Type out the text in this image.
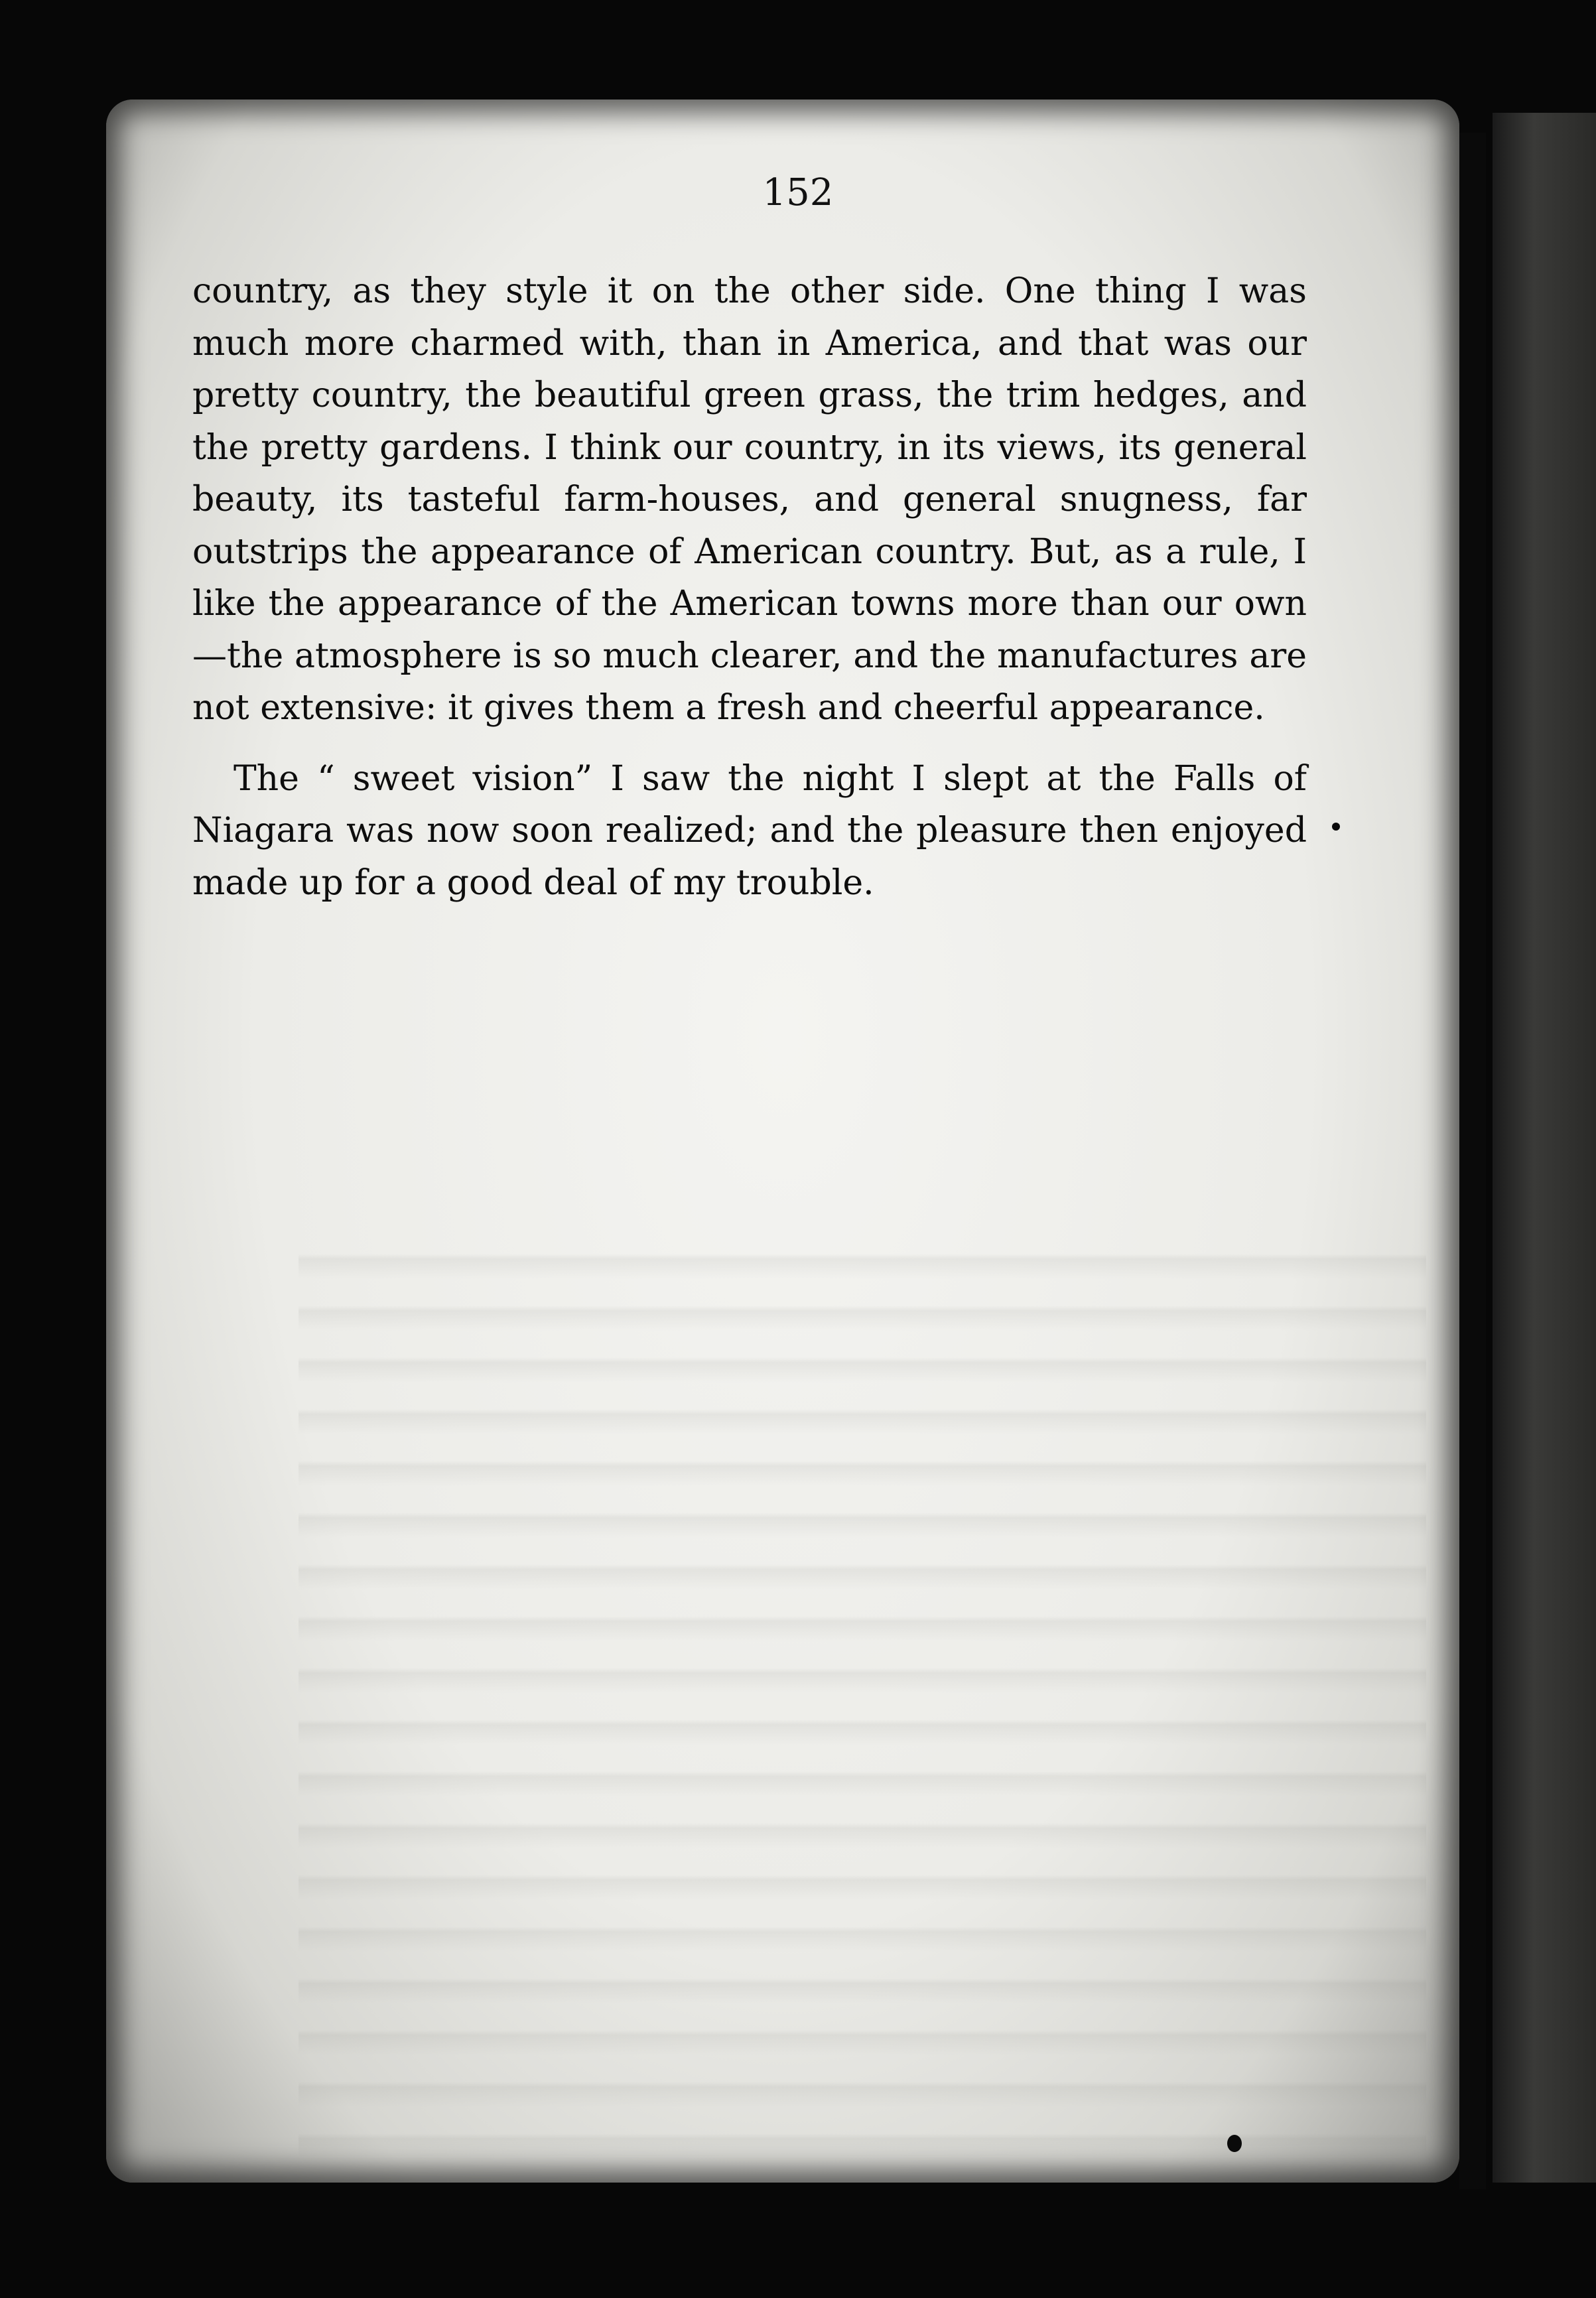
152

country, as they style it on the other side. One thing I was much more charmed with, than in America, and that was our pretty country, the beautiful green grass, the trim hedges, and the pretty gardens. I think our country, in its views, its general beauty, its tasteful farm-houses, and general snugness, far outstrips the appearance of American country. But, as a rule, I like the appearance of the American towns more than our own—the atmosphere is so much clearer, and the manufactures are not extensive: it gives them a fresh and cheerful appearance.

The “ sweet vision” I saw the night I slept at the Falls of Niagara was now soon realized; and the pleasure then enjoyed made up for a good deal of my trouble.
